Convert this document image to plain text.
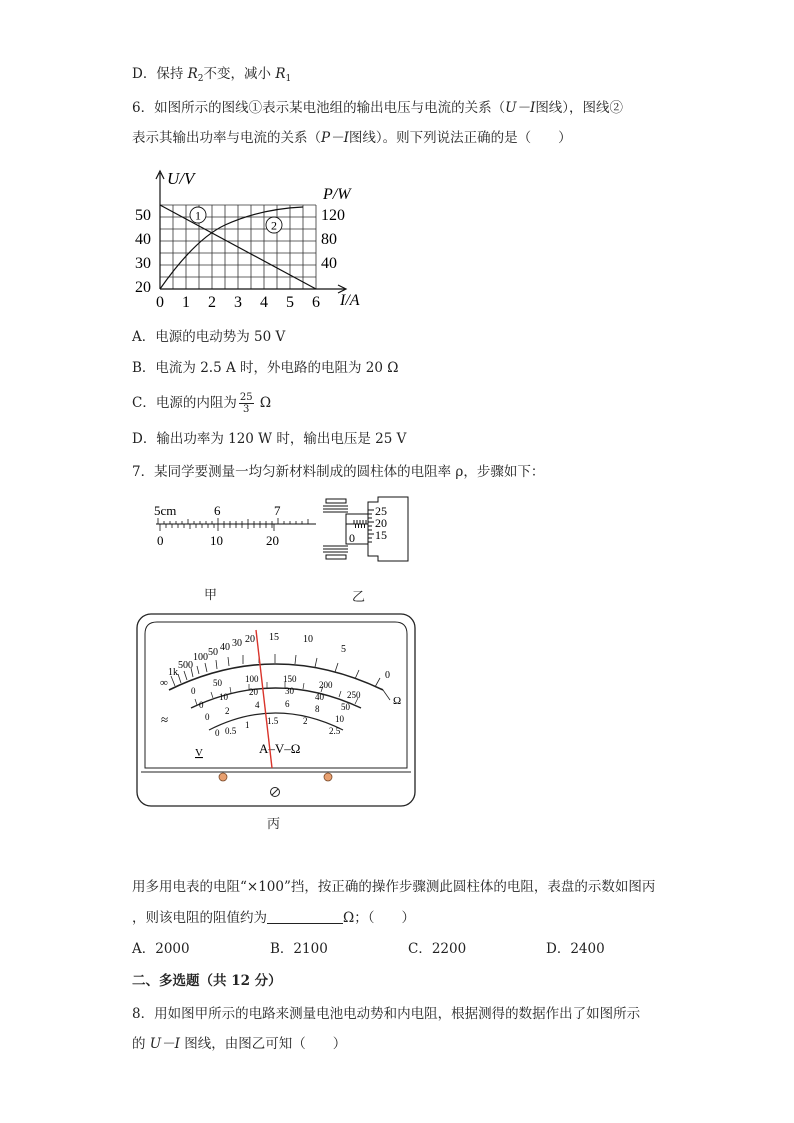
D．保持 $R_2$不变，减小 $R_1$
6．如图所示的图线①表示某电池组的输出电压与电流的关系（U－I图线），图线②
表示其输出功率与电流的关系（P－I图线）。则下列说法正确的是（　　）
1
2
U/V
P/W
I/A
50
40
30
20
120
80
40
0 1 2 3 4 5 6
A．电源的电动势为 50 V
B．电流为 2.5 A 时，外电路的电阻为 20 Ω
C．电源的内阻为 $\frac{25}{3}$ Ω
D．输出功率为 120 W 时，输出电压是 25 V
7．某同学要测量一均匀新材料制成的圆柱体的电阻率 ρ，步骤如下：
5cm	6	7
0	10	20	0
25
20
15
甲	乙
∞
1k
500
100 50 40 30 20 15 10
5
0
Ω
0
50	100	150
200
250
0
10 20	30
40
50
0
2
4	6	8
10
0 0.5
1 1.5	2
2.5
≈
V	A–V–Ω
丙
用多用电表的电阻“×100”挡，按正确的操作步骤测此圆柱体的电阻，表盘的示数如图丙
，则该电阻的阻值约为	Ω；（　　）
A．2000	B．2100	C．2200	D．2400
二、多选题（共 12 分）
8．用如图甲所示的电路来测量电池电动势和内电阻，根据测得的数据作出了如图所示
的 U－I 图线，由图乙可知（　　）
